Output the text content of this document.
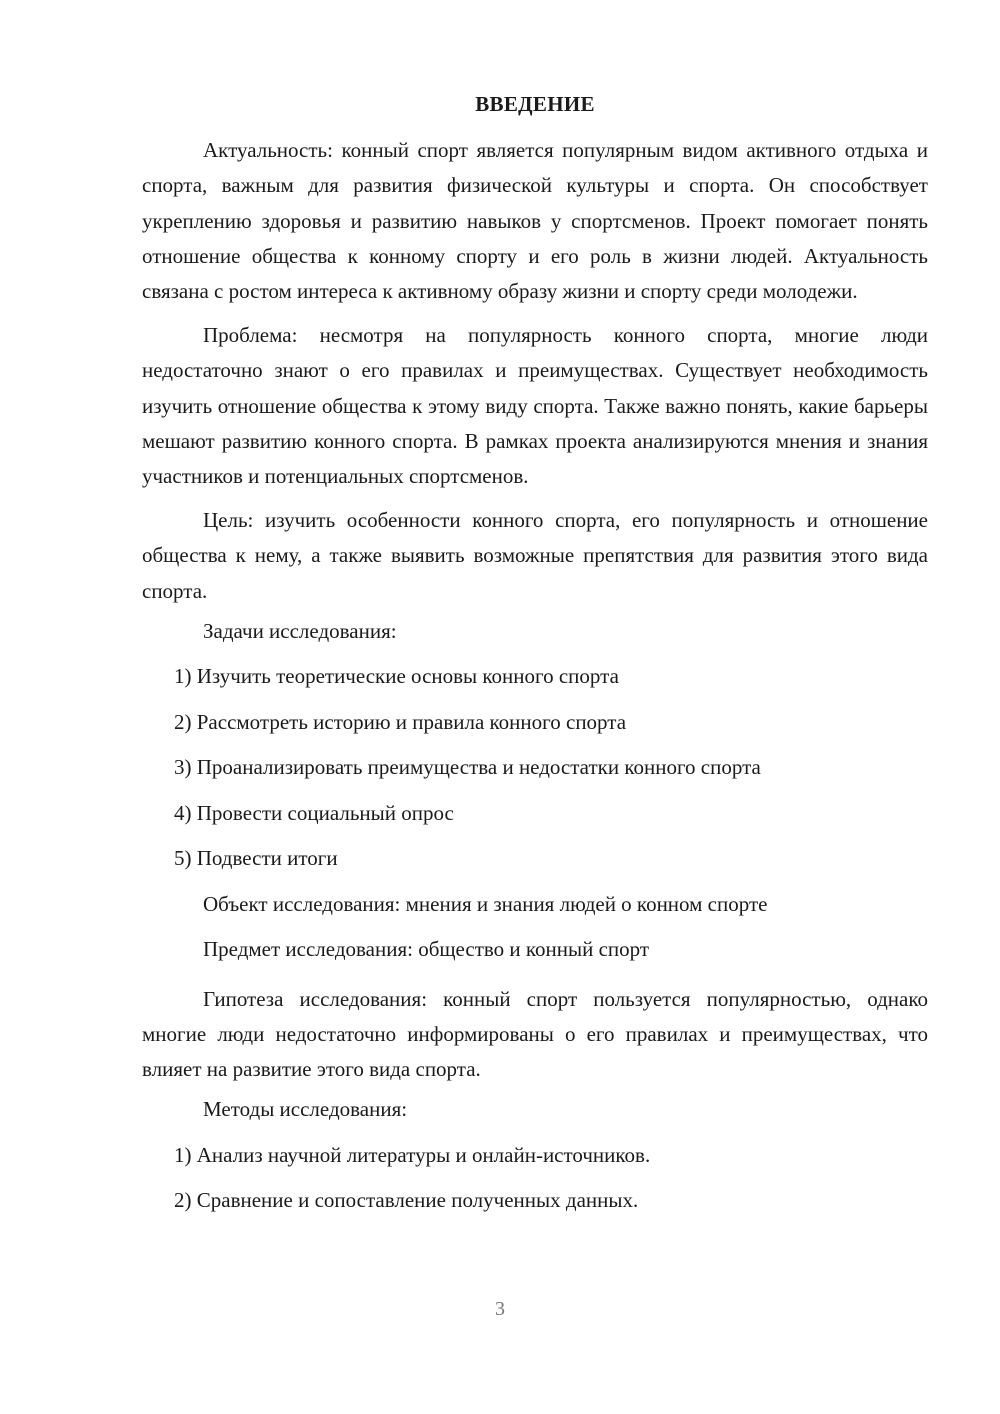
ВВЕДЕНИЕ

Актуальность: конный спорт является популярным видом активного отдыха и спорта, важным для развития физической культуры и спорта. Он способствует укреплению здоровья и развитию навыков у спортсменов. Проект помогает понять отношение общества к конному спорту и его роль в жизни людей. Актуальность связана с ростом интереса к активному образу жизни и спорту среди молодежи.

Проблема: несмотря на популярность конного спорта, многие люди недостаточно знают о его правилах и преимуществах. Существует необходимость изучить отношение общества к этому виду спорта. Также важно понять, какие барьеры мешают развитию конного спорта. В рамках проекта анализируются мнения и знания участников и потенциальных спортсменов.

Цель: изучить особенности конного спорта, его популярность и отношение общества к нему, а также выявить возможные препятствия для развития этого вида спорта.

Задачи исследования:
1) Изучить теоретические основы конного спорта
2) Рассмотреть историю и правила конного спорта
3) Проанализировать преимущества и недостатки конного спорта
4) Провести социальный опрос
5) Подвести итоги
Объект исследования: мнения и знания людей о конном спорте
Предмет исследования: общество и конный спорт

Гипотеза исследования: конный спорт пользуется популярностью, однако многие люди недостаточно информированы о его правилах и преимуществах, что влияет на развитие этого вида спорта.

Методы исследования:
1) Анализ научной литературы и онлайн-источников.
2) Сравнение и сопоставление полученных данных.
3
